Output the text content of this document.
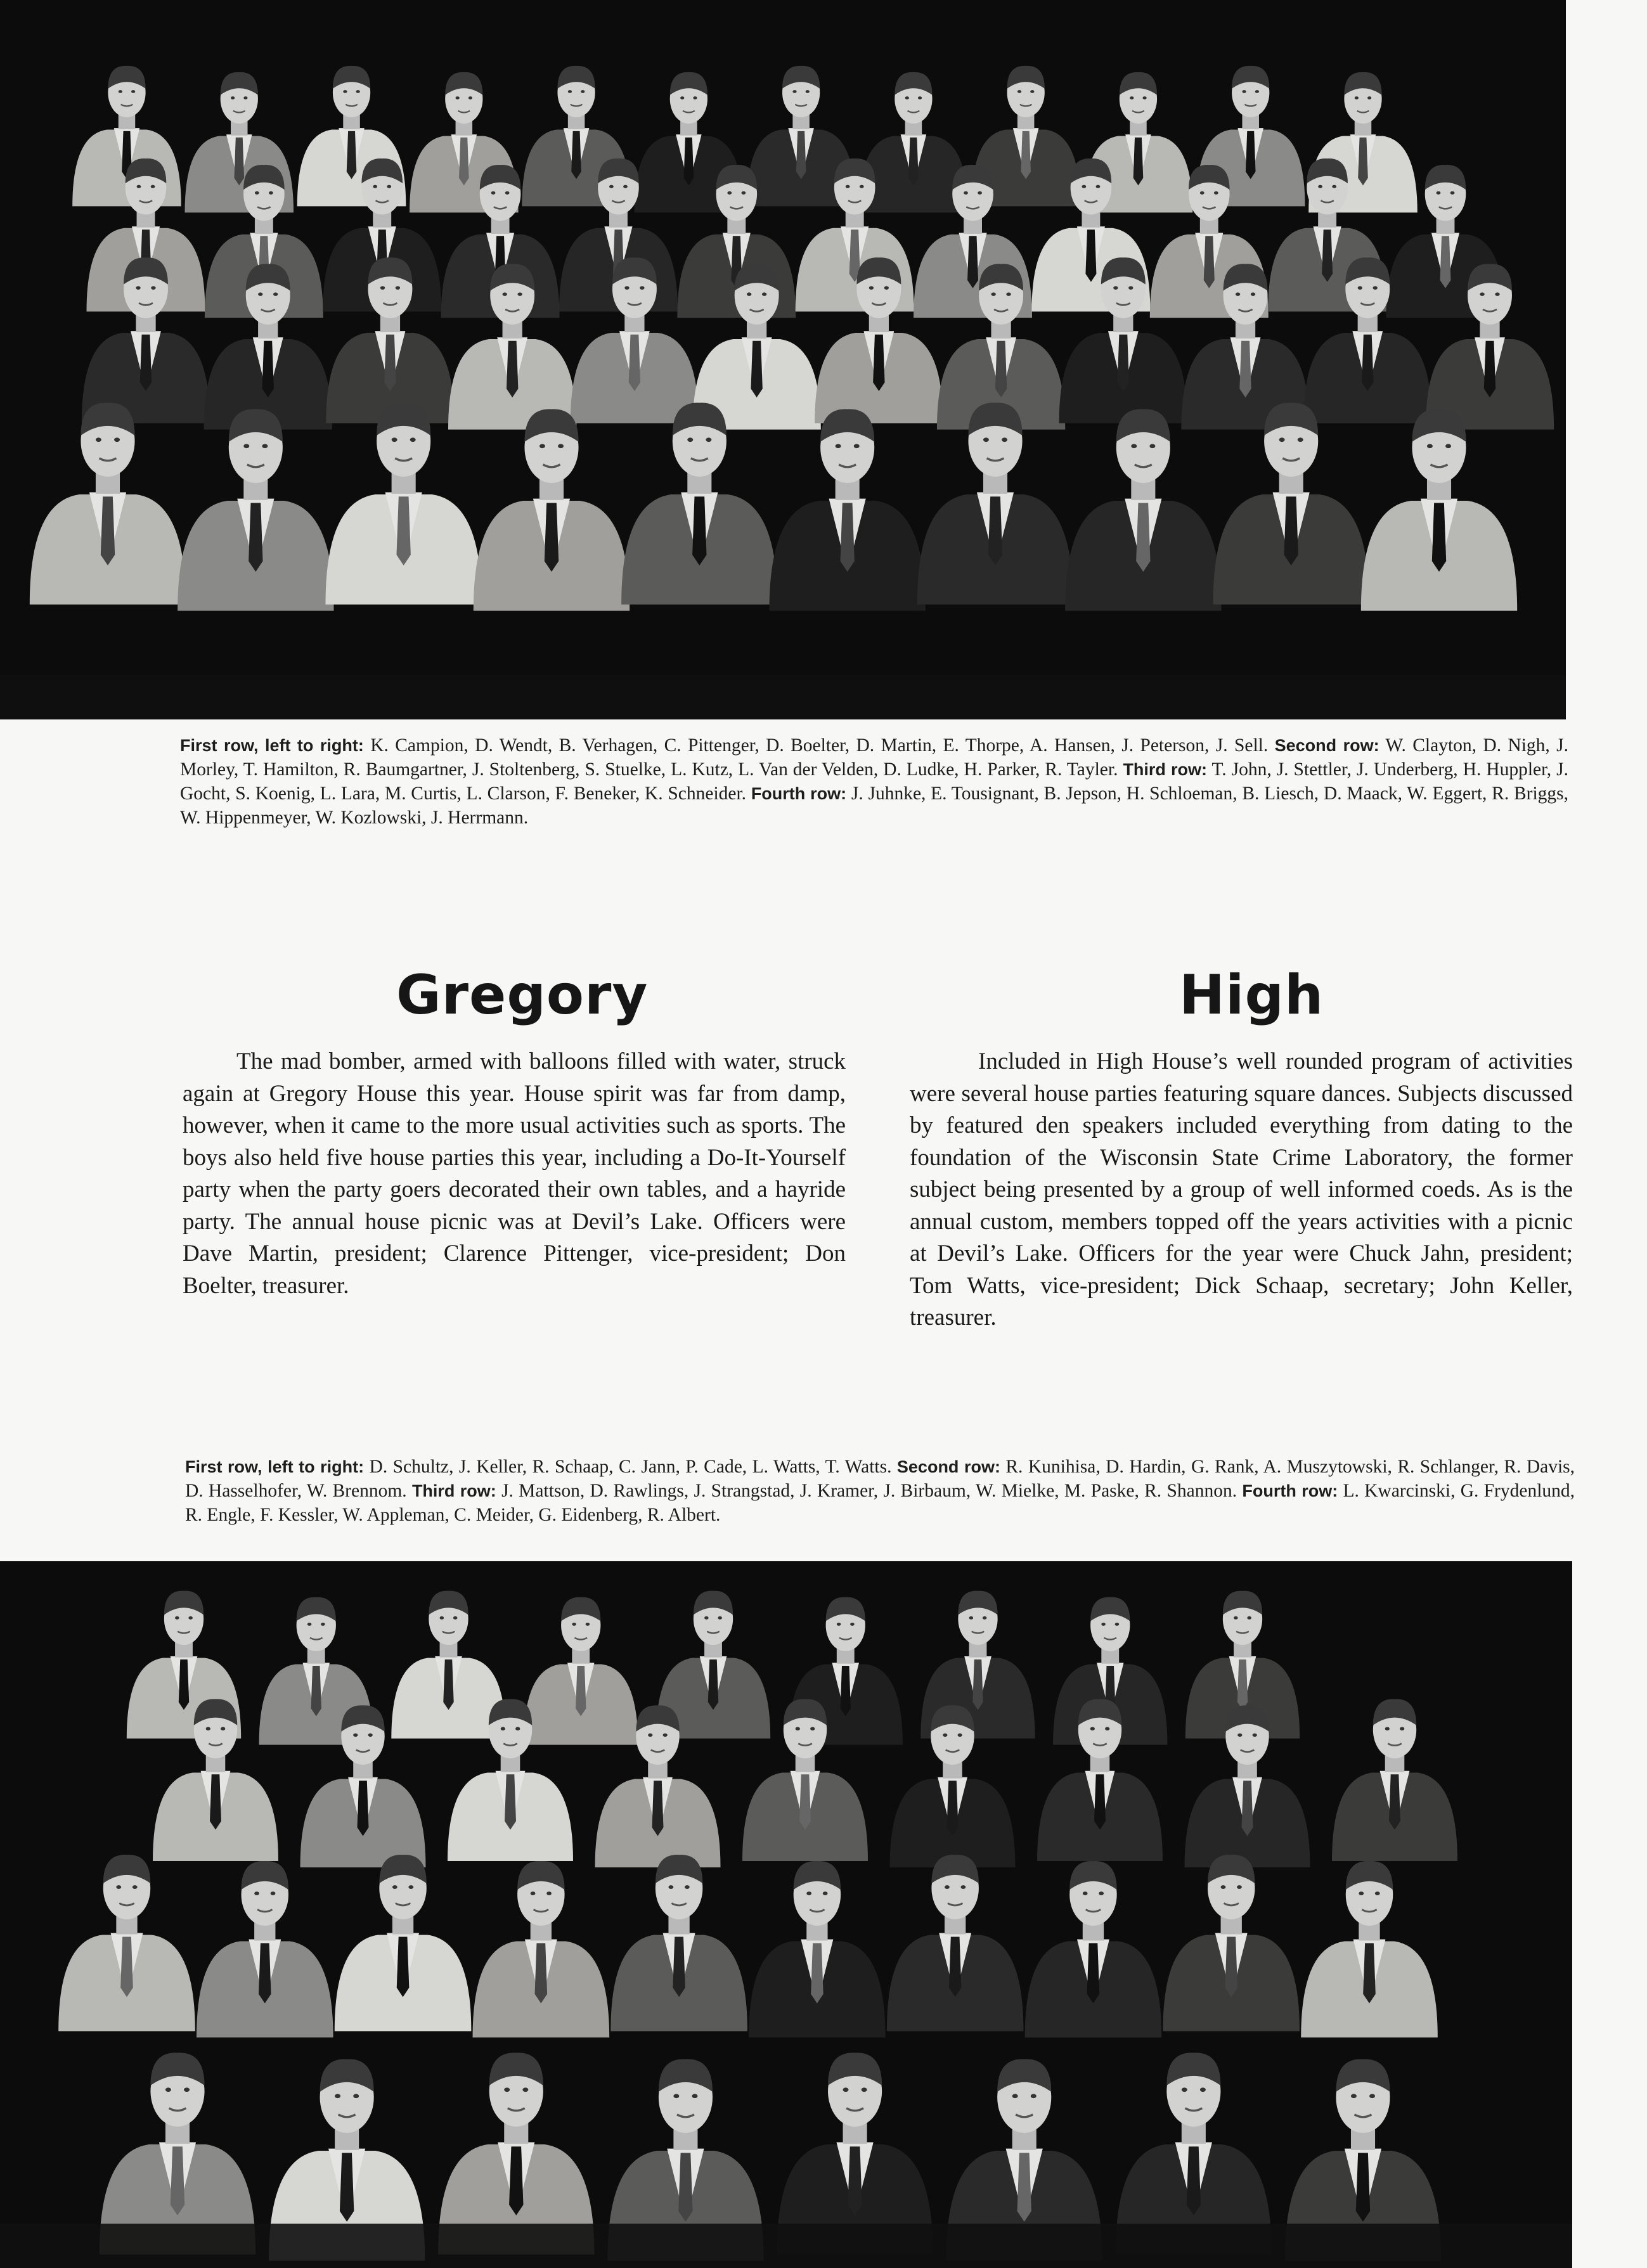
First row, left to right: K. Campion, D. Wendt, B. Verhagen, C. Pittenger, D. Boelter, D. Martin, E. Thorpe, A. Hansen, J. Peterson, J. Sell. Second row: W. Clayton, D. Nigh, J. Morley, T. Hamilton, R. Baumgartner, J. Stoltenberg, S. Stuelke, L. Kutz, L. Van der Velden, D. Ludke, H. Parker, R. Tayler. Third row: T. John, J. Stettler, J. Underberg, H. Huppler, J. Gocht, S. Koenig, L. Lara, M. Curtis, L. Clarson, F. Beneker, K. Schneider. Fourth row: J. Juhnke, E. Tousignant, B. Jepson, H. Schloeman, B. Liesch, D. Maack, W. Eggert, R. Briggs, W. Hippenmeyer, W. Kozlowski, J. Herrmann.
Gregory	High
The mad bomber, armed with balloons filled with water, struck again at Gregory House this year. House spirit was far from damp, however, when it came to the more usual activities such as sports. The boys also held five house parties this year, including a Do-It-Yourself party when the party goers decorated their own tables, and a hayride party. The annual house picnic was at Devil’s Lake. Officers were Dave Martin, president; Clarence Pittenger, vice-president; Don Boelter, treasurer.
Included in High House’s well rounded program of activities were several house parties featuring square dances. Subjects discussed by featured den speakers included everything from dating to the foundation of the Wisconsin State Crime Laboratory, the former subject being presented by a group of well informed coeds. As is the annual custom, members topped off the years activities with a picnic at Devil’s Lake. Officers for the year were Chuck Jahn, president; Tom Watts, vice-president; Dick Schaap, secretary; John Keller, treasurer.
First row, left to right: D. Schultz, J. Keller, R. Schaap, C. Jann, P. Cade, L. Watts, T. Watts. Second row: R. Kunihisa, D. Hardin, G. Rank, A. Muszytowski, R. Schlanger, R. Davis, D. Hasselhofer, W. Brennom. Third row: J. Mattson, D. Rawlings, J. Strangstad, J. Kramer, J. Birbaum, W. Mielke, M. Paske, R. Shannon. Fourth row: L. Kwarcinski, G. Frydenlund, R. Engle, F. Kessler, W. Appleman, C. Meider, G. Eidenberg, R. Albert.
